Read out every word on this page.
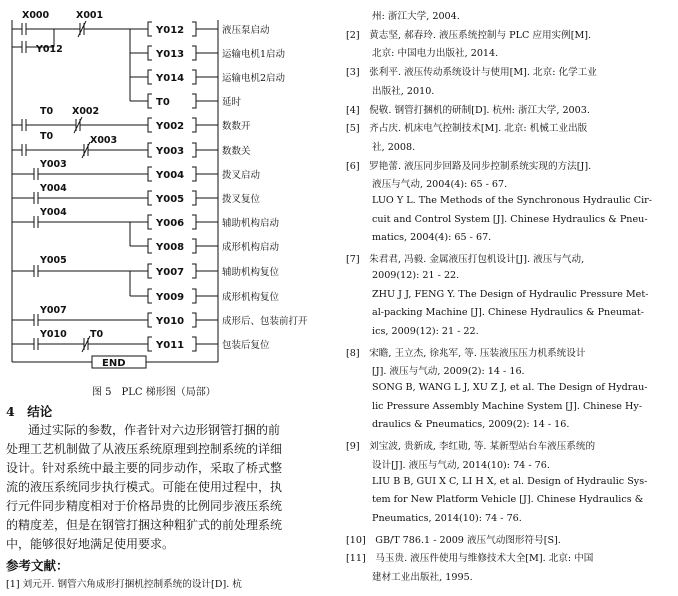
X000	X001
Y012
T0 X002
T0	X003
Y003
Y004
Y004
Y005
Y007
Y010 T0
Y012
Y013
Y014
T0
Y002
Y003
Y004
Y005
Y006
Y008
Y007
Y009
Y010
Y011
液压泵启动
运输电机1启动
运输电机2启动
延时
数数开
数数关
拨叉启动
拨叉复位
辅助机构启动
成形机构启动
辅助机构复位
成形机构复位
成形后、包装前打开
包装后复位
END
图 5　PLC 梯形图（局部）
4　结论
通过实际的参数，作者针对六边形钢管打捆的前
处理工艺机制做了从液压系统原理到控制系统的详细
设计。针对系统中最主要的同步动作，采取了桥式整
流的液压系统同步执行模式。可能在使用过程中，执
行元件同步精度相对于价格昂贵的比例同步液压系统
的精度差，但是在钢管打捆这种粗犷式的前处理系统
中，能够很好地满足使用要求。
参考文献：
[1] 刘元开. 钢管六角成形打捆机控制系统的设计[D]. 杭
州: 浙江大学, 2004.
[2]　黄志坚, 郝春玲. 液压系统控制与 PLC 应用实例[M].
北京: 中国电力出版社, 2014.
[3]　张利平. 液压传动系统设计与使用[M]. 北京: 化学工业
出版社, 2010.
[4]　倪敬. 钢管打捆机的研制[D]. 杭州: 浙江大学, 2003.
[5]　齐占庆. 机床电气控制技术[M]. 北京: 机械工业出版
社, 2008.
[6]　罗艳蕾. 液压同步回路及同步控制系统实现的方法[J].
液压与气动, 2004(4): 65 - 67.
LUO Y L. The Methods of the Synchronous Hydraulic Cir-
cuit and Control System [J]. Chinese Hydraulics & Pneu-
matics, 2004(4): 65 - 67.
[7]　朱君君, 冯毅. 金属液压打包机设计[J]. 液压与气动,
2009(12): 21 - 22.
ZHU J J, FENG Y. The Design of Hydraulic Pressure Met-
al-packing Machine [J]. Chinese Hydraulics & Pneumat-
ics, 2009(12): 21 - 22.
[8]　宋瞻, 王立杰, 徐兆军, 等. 压装液压压力机系统设计
[J]. 液压与气动, 2009(2): 14 - 16.
SONG B, WANG L J, XU Z J, et al. The Design of Hydrau-
lic Pressure Assembly Machine System [J]. Chinese Hy-
draulics & Pneumatics, 2009(2): 14 - 16.
[9]　刘宝波, 贵新成, 李红勋, 等. 某新型站台车液压系统的
设计[J]. 液压与气动, 2014(10): 74 - 76.
LIU B B, GUI X C, LI H X, et al. Design of Hydraulic Sys-
tem for New Platform Vehicle [J]. Chinese Hydraulics &
Pneumatics, 2014(10): 74 - 76.
[10]　GB/T 786.1 - 2009 液压气动图形符号[S].
[11]　马玉贵. 液压件使用与维修技术大全[M]. 北京: 中国
建材工业出版社, 1995.
